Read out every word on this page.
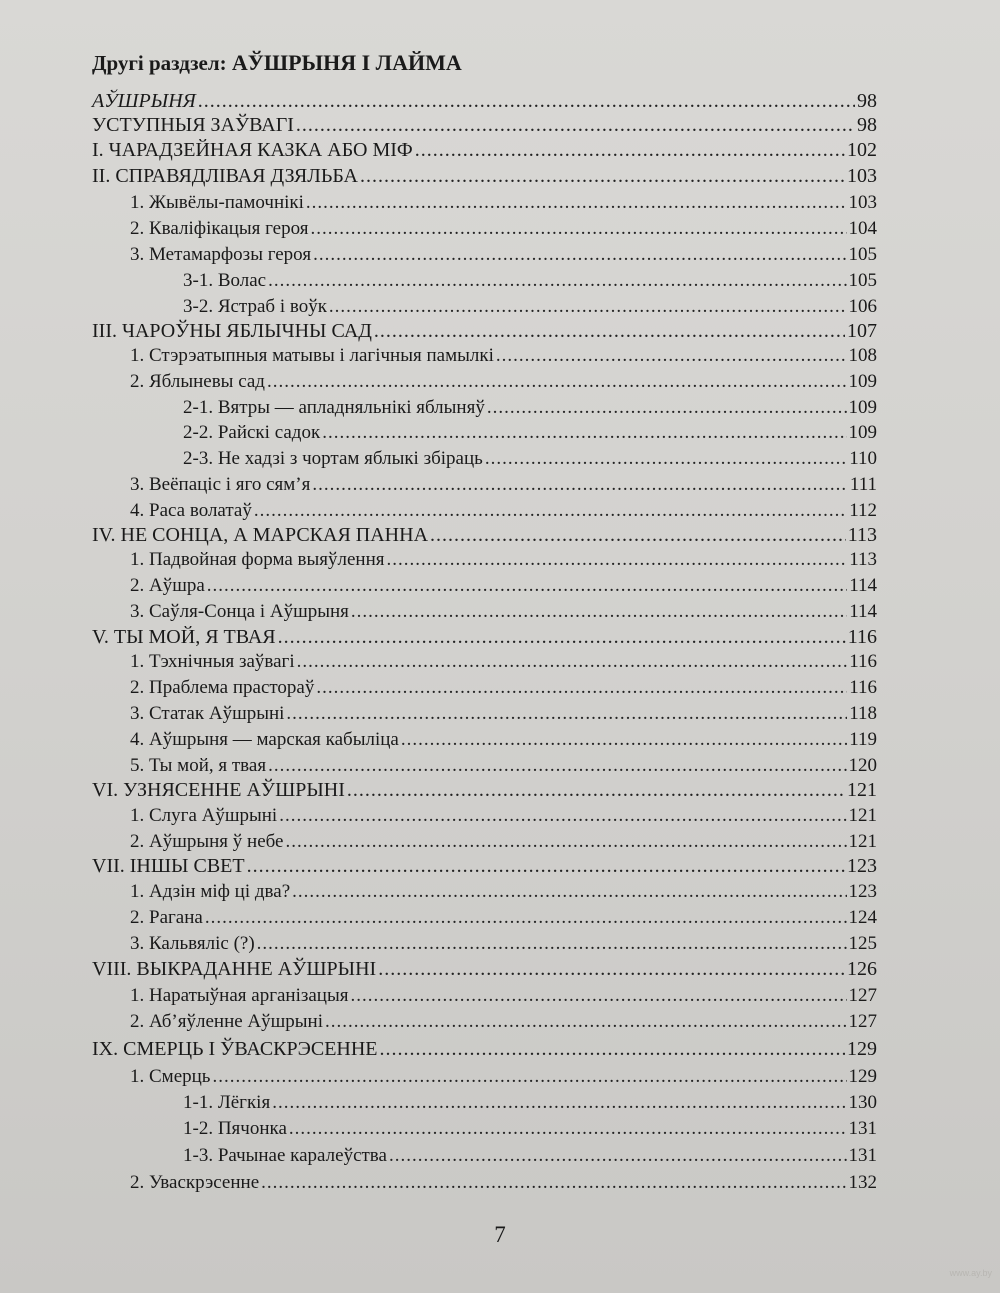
Другі раздзел: АЎШРЫНЯ І ЛАЙМА
АЎШРЫНЯ .....	98
УСТУПНЫЯ ЗАЎВАГІ .....	98
I. ЧАРАДЗЕЙНАЯ КАЗКА АБО МІФ .....	102
II. СПРАВЯДЛІВАЯ ДЗЯЛЬБА .....	103
1. Жывёлы-памочнікі .....	103
2. Кваліфікацыя героя .....	104
3. Метамарфозы героя .....	105
3-1. Волас .....	105
3-2. Ястраб і воўк .....	106
III. ЧАРОЎНЫ ЯБЛЫЧНЫ САД .....	107
1. Стэрэатыпныя матывы і лагічныя памылкі .....	108
2. Яблыневы сад .....	109
2-1. Вятры — апладняльнікі яблыняў .....	109
2-2. Райскі садок .....	109
2-3. Не хадзі з чортам яблыкі збіраць .....	110
3. Веёпаціс і яго сям’я .....	111
4. Раса волатаў .....	112
IV. НЕ СОНЦА, А МАРСКАЯ ПАННА .....	113
1. Падвойная форма выяўлення .....	113
2. Аўшра .....	114
3. Саўля-Сонца і Аўшрыня .....	114
V. ТЫ МОЙ, Я ТВАЯ .....	116
1. Тэхнічныя заўвагі .....	116
2. Праблема прастораў .....	116
3. Статак Аўшрыні .....	118
4. Аўшрыня — марская кабыліца .....	119
5. Ты мой, я твая .....	120
VI. УЗНЯСЕННЕ АЎШРЫНІ .....	121
1. Слуга Аўшрыні .....	121
2. Аўшрыня ў небе .....	121
VII. ІНШЫ СВЕТ .....	123
1. Адзін міф ці два? .....	123
2. Рагана .....	124
3. Кальвяліс (?) .....	125
VIII. ВЫКРАДАННЕ АЎШРЫНІ .....	126
1. Наратыўная арганізацыя .....	127
2. Аб’яўленне Аўшрыні .....	127
IX. СМЕРЦЬ І ЎВАСКРЭСЕННЕ .....	129
1. Смерць .....	129
1-1. Лёгкія .....	130
1-2. Пячонка .....	131
1-3. Рачынае каралеўства .....	131
2. Уваскрэсенне .....	132
7
www.ay.by
